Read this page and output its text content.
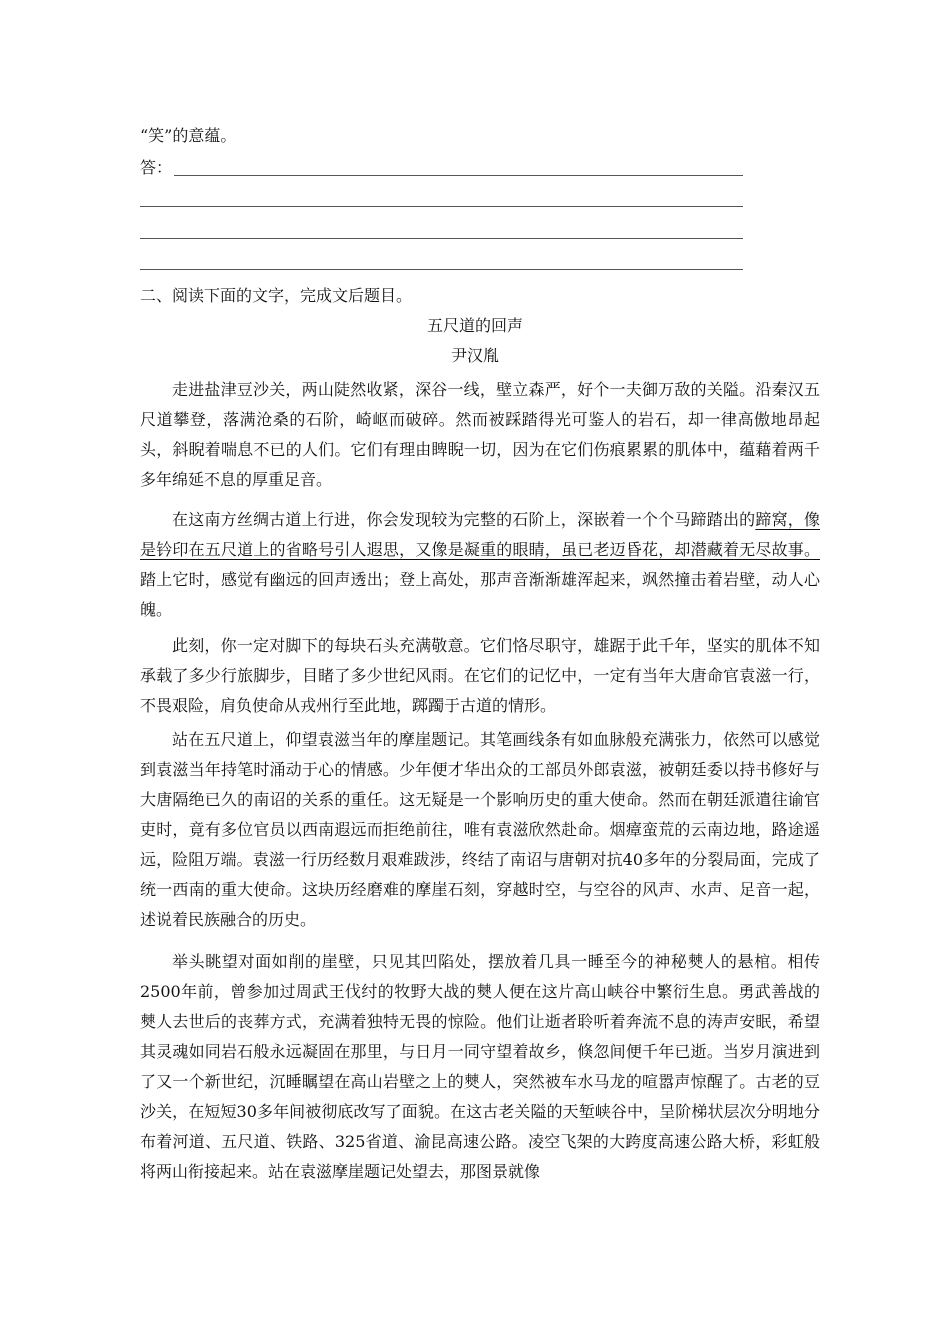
“笑”的意蕴。
答：
二、阅读下面的文字，完成文后题目。
五尺道的回声
尹汉胤

走进盐津豆沙关，两山陡然收紧，深谷一线，壁立森严，好个一夫御万敌的关隘。沿秦汉五尺道攀登，落满沧桑的石阶，崎岖而破碎。然而被踩踏得光可鉴人的岩石，却一律高傲地昂起头，斜睨着喘息不已的人们。它们有理由睥睨一切，因为在它们伤痕累累的肌体中，蕴藉着两千多年绵延不息的厚重足音。

在这南方丝绸古道上行进，你会发现较为完整的石阶上，深嵌着一个个马蹄踏出的蹄窝，像是钤印在五尺道上的省略号引人遐思，又像是凝重的眼睛，虽已老迈昏花，却潜藏着无尽故事。踏上它时，感觉有幽远的回声透出；登上高处，那声音渐渐雄浑起来，飒然撞击着岩壁，动人心魄。

此刻，你一定对脚下的每块石头充满敬意。它们恪尽职守，雄踞于此千年，坚实的肌体不知承载了多少行旅脚步，目睹了多少世纪风雨。在它们的记忆中，一定有当年大唐命官袁滋一行，不畏艰险，肩负使命从戎州行至此地，踯躅于古道的情形。

站在五尺道上，仰望袁滋当年的摩崖题记。其笔画线条有如血脉般充满张力，依然可以感觉到袁滋当年持笔时涌动于心的情感。少年便才华出众的工部员外郎袁滋，被朝廷委以持书修好与大唐隔绝已久的南诏的关系的重任。这无疑是一个影响历史的重大使命。然而在朝廷派遣往谕官吏时，竟有多位官员以西南遐远而拒绝前往，唯有袁滋欣然赴命。烟瘴蛮荒的云南边地，路途遥远，险阻万端。袁滋一行历经数月艰难跋涉，终结了南诏与唐朝对抗40多年的分裂局面，完成了统一西南的重大使命。这块历经磨难的摩崖石刻，穿越时空，与空谷的风声、水声、足音一起，述说着民族融合的历史。

举头眺望对面如削的崖壁，只见其凹陷处，摆放着几具一睡至今的神秘僰人的悬棺。相传2500年前，曾参加过周武王伐纣的牧野大战的僰人便在这片高山峡谷中繁衍生息。勇武善战的僰人去世后的丧葬方式，充满着独特无畏的惊险。他们让逝者聆听着奔流不息的涛声安眠，希望其灵魂如同岩石般永远凝固在那里，与日月一同守望着故乡，倏忽间便千年已逝。当岁月演进到了又一个新世纪，沉睡瞩望在高山岩壁之上的僰人，突然被车水马龙的喧嚣声惊醒了。古老的豆沙关，在短短30多年间被彻底改写了面貌。在这古老关隘的天堑峡谷中，呈阶梯状层次分明地分布着河道、五尺道、铁路、325省道、渝昆高速公路。凌空飞架的大跨度高速公路大桥，彩虹般将两山衔接起来。站在袁滋摩崖题记处望去，那图景就像
